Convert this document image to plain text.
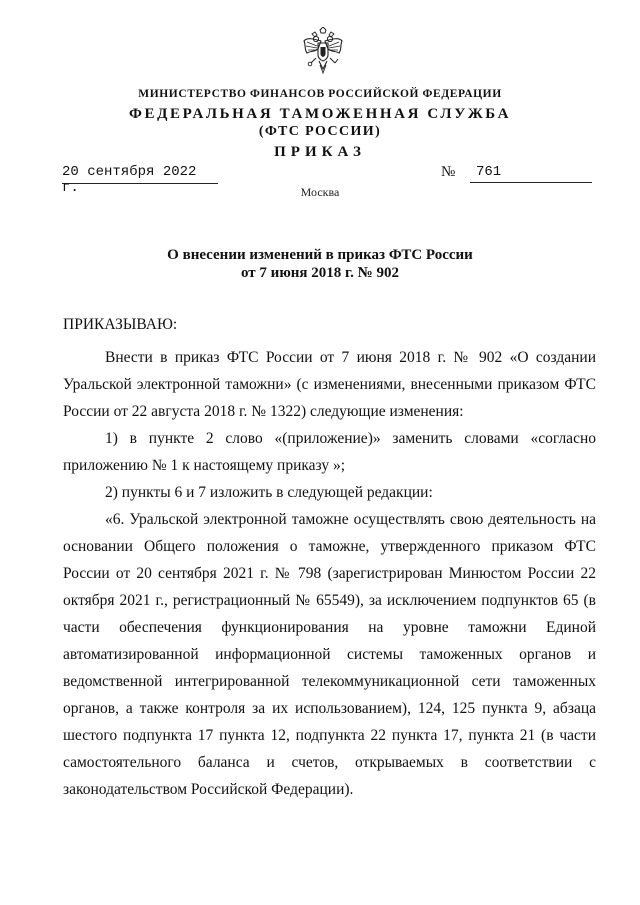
МИНИСТЕРСТВО ФИНАНСОВ РОССИЙСКОЙ ФЕДЕРАЦИИ
ФЕДЕРАЛЬНАЯ ТАМОЖЕННАЯ СЛУЖБА
(ФТС РОССИИ)
ПРИКАЗ
20 сентября 2022 г.
№	761
Москва
О внесении изменений в приказ ФТС России
от 7 июня 2018 г. № 902
ПРИКАЗЫВАЮ:

Внести в приказ ФТС России от 7 июня 2018 г. № 902 «О создании Уральской электронной таможни» (с изменениями, внесенными приказом ФТС России от 22 августа 2018 г. № 1322) следующие изменения:

1) в пункте 2 слово «(приложение)» заменить словами «согласно приложению № 1 к настоящему приказу »;

2) пункты 6 и 7 изложить в следующей редакции:

«6. Уральской электронной таможне осуществлять свою деятельность на основании Общего положения о таможне, утвержденного приказом ФТС России от 20 сентября 2021 г. № 798 (зарегистрирован Минюстом России 22 октября 2021 г., регистрационный № 65549), за исключением подпунктов 65 (в части обеспечения функционирования на уровне таможни Единой автоматизированной информационной системы таможенных органов и ведомственной интегрированной телекоммуникационной сети таможенных органов, а также контроля за их использованием), 124, 125 пункта 9, абзаца шестого подпункта 17 пункта 12, подпункта 22 пункта 17, пункта 21 (в части самостоятельного баланса и счетов, открываемых в соответствии с законодательством Российской Федерации).
